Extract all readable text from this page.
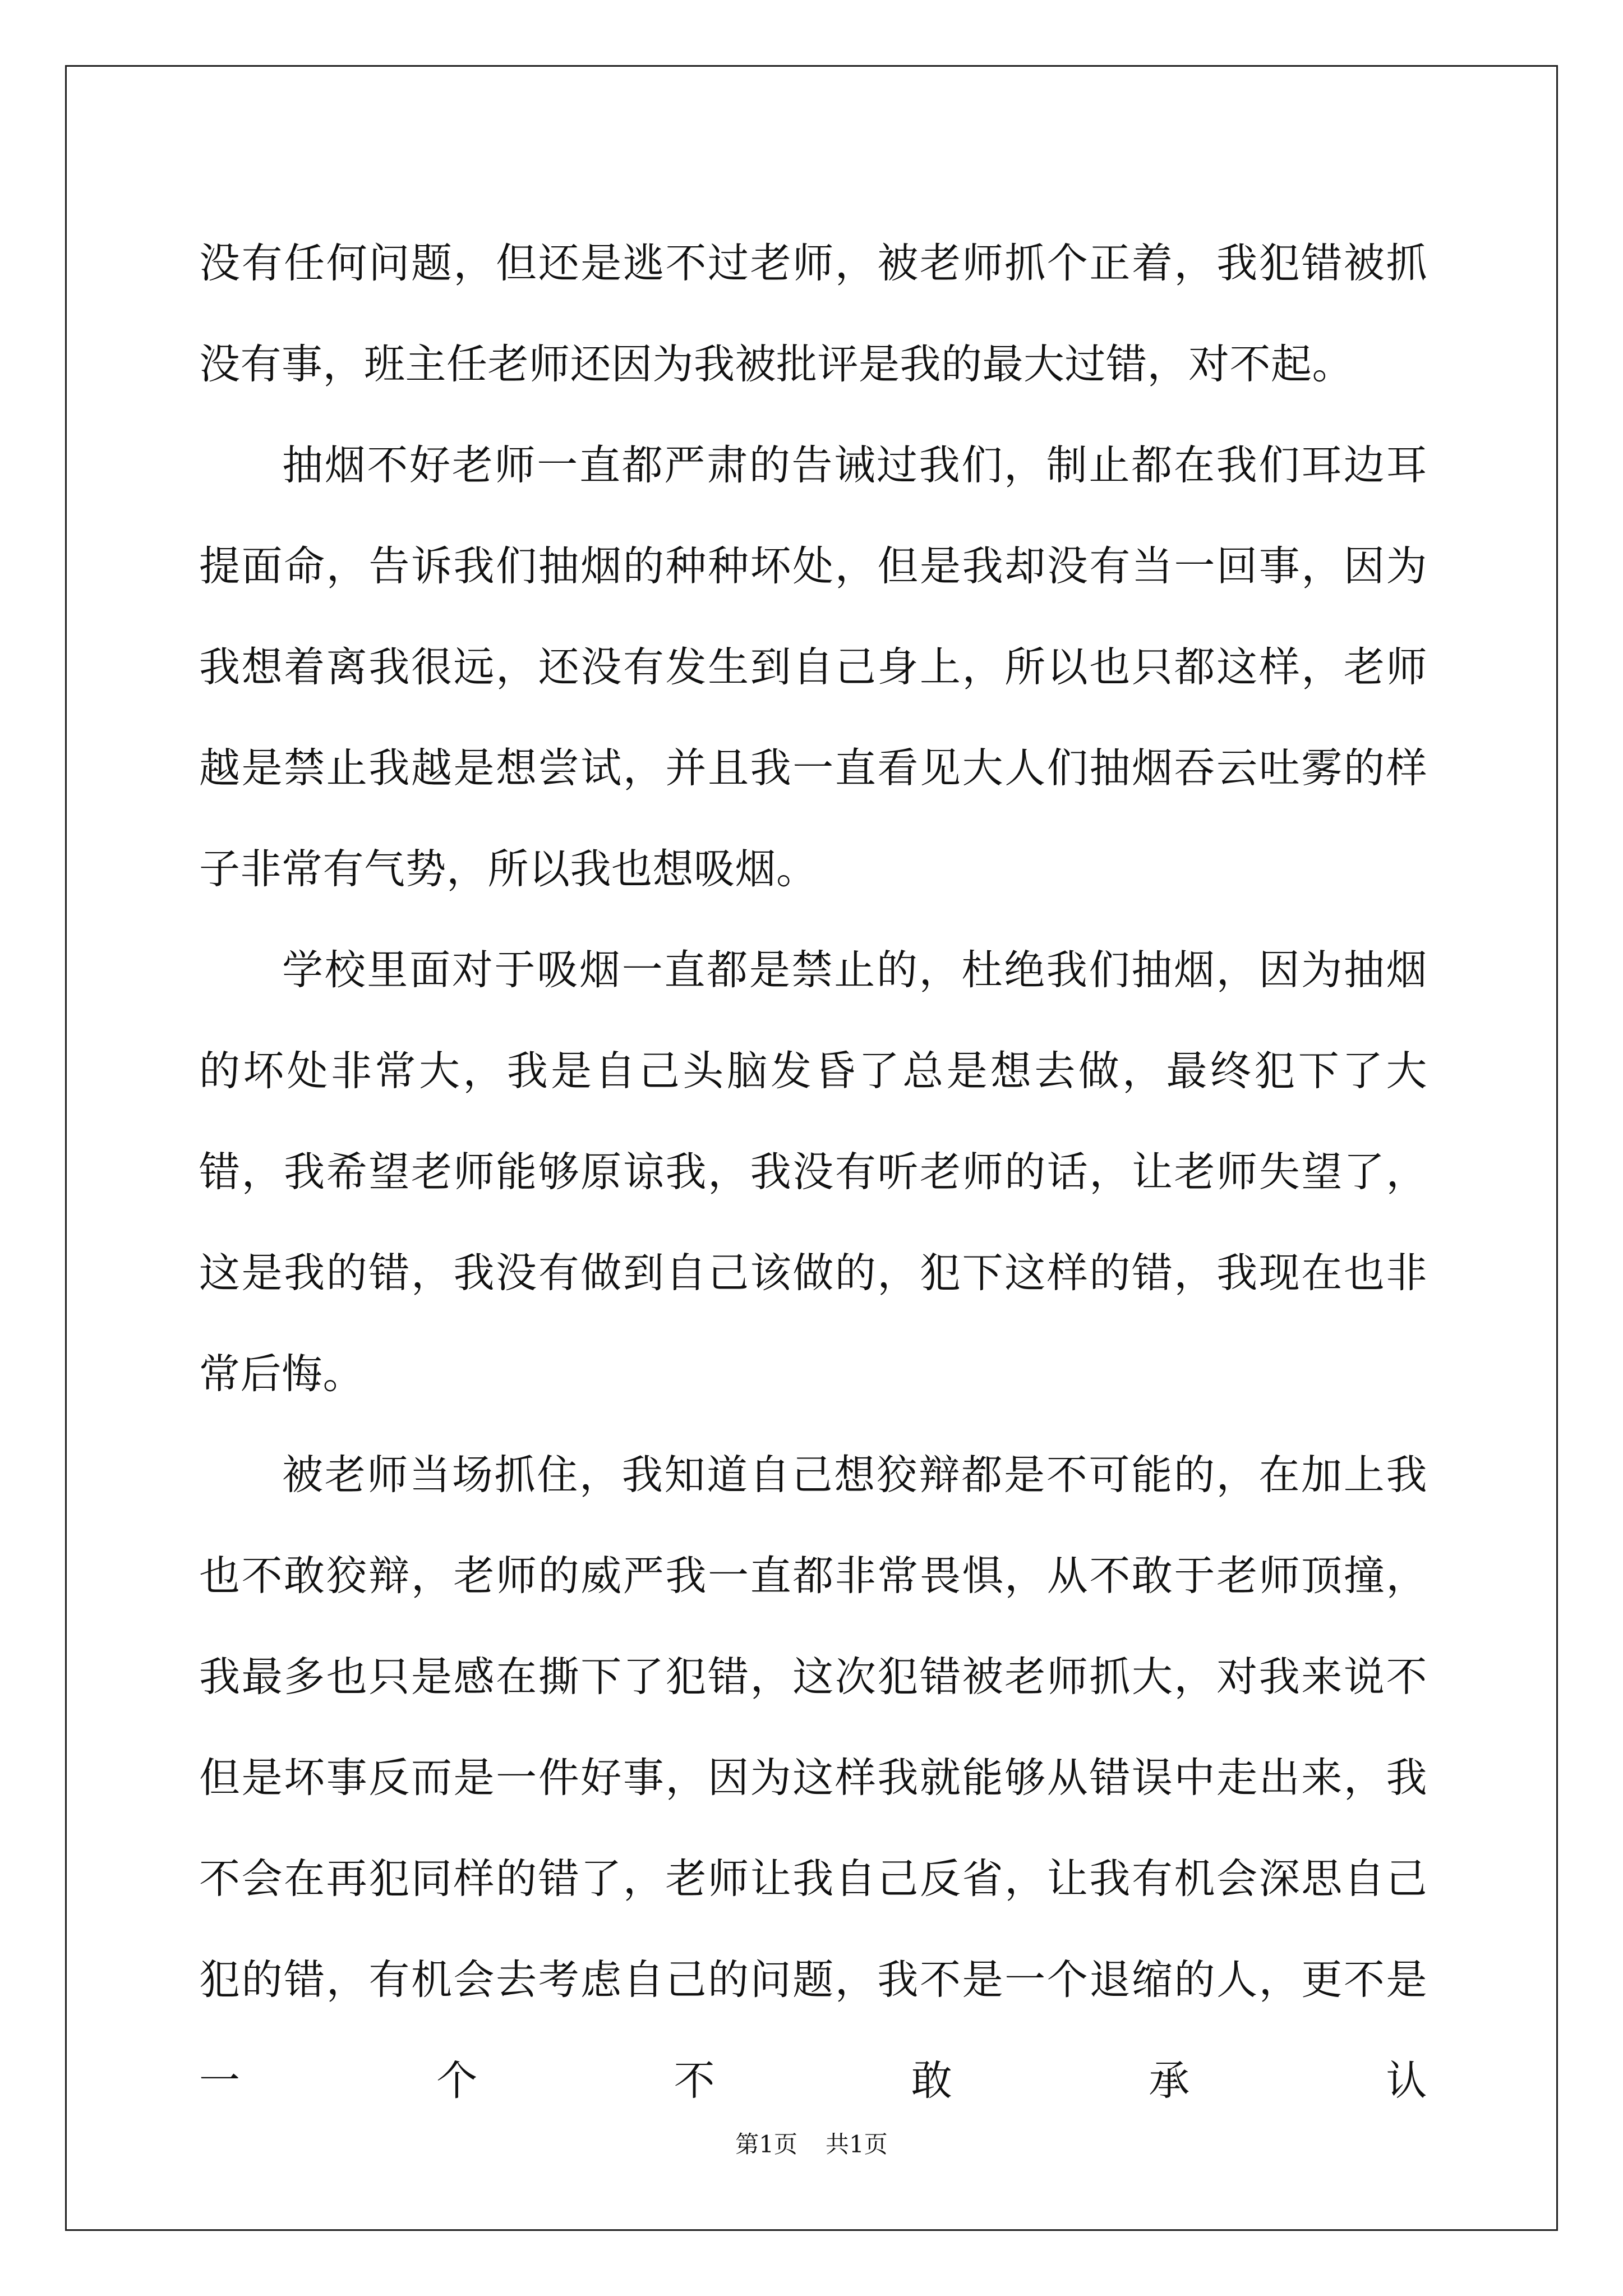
没有任何问题，但还是逃不过老师，被老师抓个正着，我犯错被抓没有事，班主任老师还因为我被批评是我的最大过错，对不起。

抽烟不好老师一直都严肃的告诫过我们，制止都在我们耳边耳提面命，告诉我们抽烟的种种坏处，但是我却没有当一回事，因为我想着离我很远，还没有发生到自己身上，所以也只都这样，老师越是禁止我越是想尝试，并且我一直看见大人们抽烟吞云吐雾的样子非常有气势，所以我也想吸烟。

学校里面对于吸烟一直都是禁止的，杜绝我们抽烟，因为抽烟的坏处非常大，我是自己头脑发昏了总是想去做，最终犯下了大错，我希望老师能够原谅我，我没有听老师的话，让老师失望了，这是我的错，我没有做到自己该做的，犯下这样的错，我现在也非常后悔。

被老师当场抓住，我知道自己想狡辩都是不可能的，在加上我也不敢狡辩，老师的威严我一直都非常畏惧，从不敢于老师顶撞，我最多也只是感在撕下了犯错，这次犯错被老师抓大，对我来说不但是坏事反而是一件好事，因为这样我就能够从错误中走出来，我不会在再犯同样的错了，老师让我自己反省，让我有机会深思自己犯的错，有机会去考虑自己的问题，我不是一个退缩的人，更不是一个不敢承认

第1页 共1页
